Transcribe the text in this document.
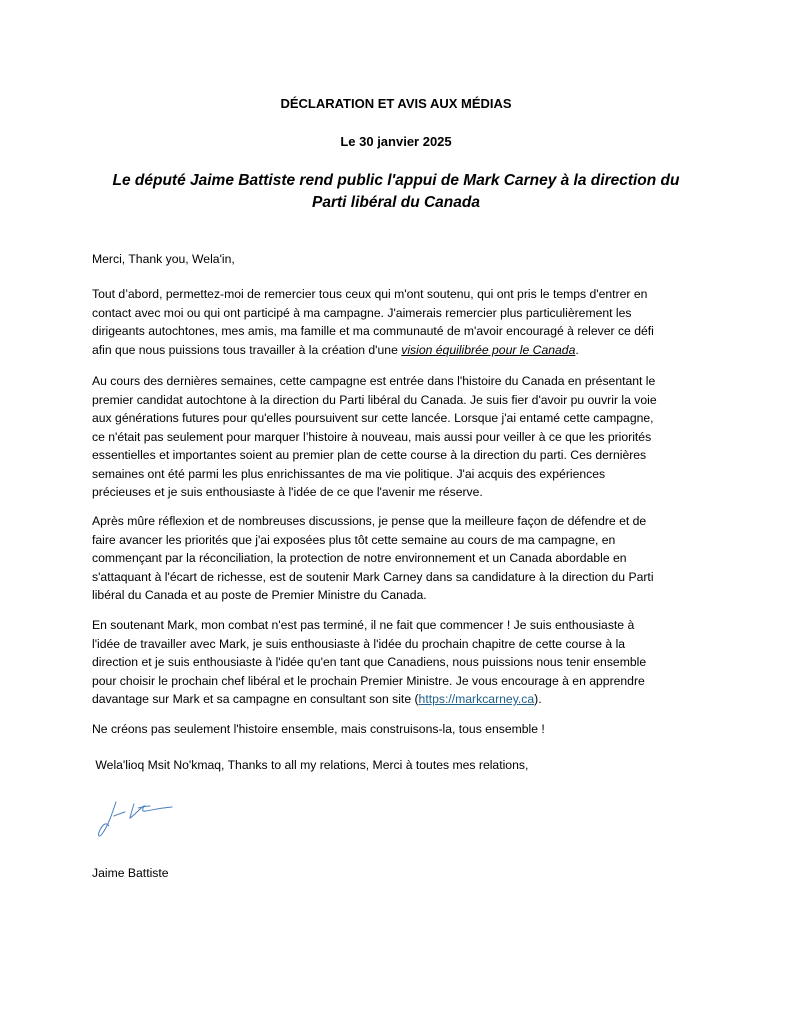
DÉCLARATION ET AVIS AUX MÉDIAS
Le 30 janvier 2025
Le député Jaime Battiste rend public l'appui de Mark Carney à la direction du
Parti libéral du Canada
Merci, Thank you, Wela'in,
Tout d’abord, permettez-moi de remercier tous ceux qui m'ont soutenu, qui ont pris le temps d'entrer en
contact avec moi ou qui ont participé à ma campagne. J'aimerais remercier plus particulièrement les
dirigeants autochtones, mes amis, ma famille et ma communauté de m'avoir encouragé à relever ce défi
afin que nous puissions tous travailler à la création d'une vision équilibrée pour le Canada.
Au cours des dernières semaines, cette campagne est entrée dans l'histoire du Canada en présentant le
premier candidat autochtone à la direction du Parti libéral du Canada. Je suis fier d'avoir pu ouvrir la voie
aux générations futures pour qu'elles poursuivent sur cette lancée. Lorsque j'ai entamé cette campagne,
ce n'était pas seulement pour marquer l’histoire à nouveau, mais aussi pour veiller à ce que les priorités
essentielles et importantes soient au premier plan de cette course à la direction du parti. Ces dernières
semaines ont été parmi les plus enrichissantes de ma vie politique. J'ai acquis des expériences
précieuses et je suis enthousiaste à l'idée de ce que l'avenir me réserve.
Après mûre réflexion et de nombreuses discussions, je pense que la meilleure façon de défendre et de
faire avancer les priorités que j'ai exposées plus tôt cette semaine au cours de ma campagne, en
commençant par la réconciliation, la protection de notre environnement et un Canada abordable en
s'attaquant à l'écart de richesse, est de soutenir Mark Carney dans sa candidature à la direction du Parti
libéral du Canada et au poste de Premier Ministre du Canada.
En soutenant Mark, mon combat n'est pas terminé, il ne fait que commencer ! Je suis enthousiaste à
l'idée de travailler avec Mark, je suis enthousiaste à l'idée du prochain chapitre de cette course à la
direction et je suis enthousiaste à l'idée qu'en tant que Canadiens, nous puissions nous tenir ensemble
pour choisir le prochain chef libéral et le prochain Premier Ministre. Je vous encourage à en apprendre
davantage sur Mark et sa campagne en consultant son site (https://markcarney.ca).
Ne créons pas seulement l'histoire ensemble, mais construisons-la, tous ensemble !
Wela'lioq Msit No'kmaq, Thanks to all my relations, Merci à toutes mes relations,
Jaime Battiste
